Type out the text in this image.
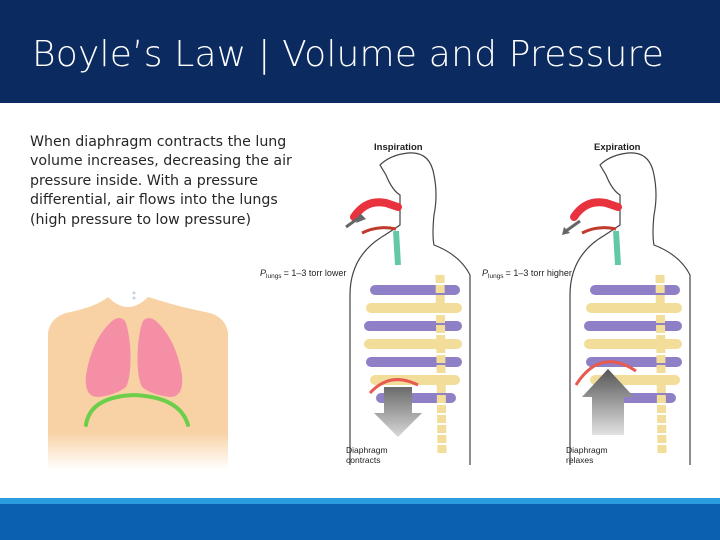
Boyle’s Law | Volume and Pressure
When diaphragm contracts the lung
volume increases, decreasing the air
pressure inside. With a pressure
differential, air flows into the lungs
(high pressure to low pressure)
Inspiration
$P_{lungs} = 1-3$ torr lower
Diaphragm
contracts
Expiration
$P_{lungs} = 1-3$ torr higher
Diaphragm
relaxes
